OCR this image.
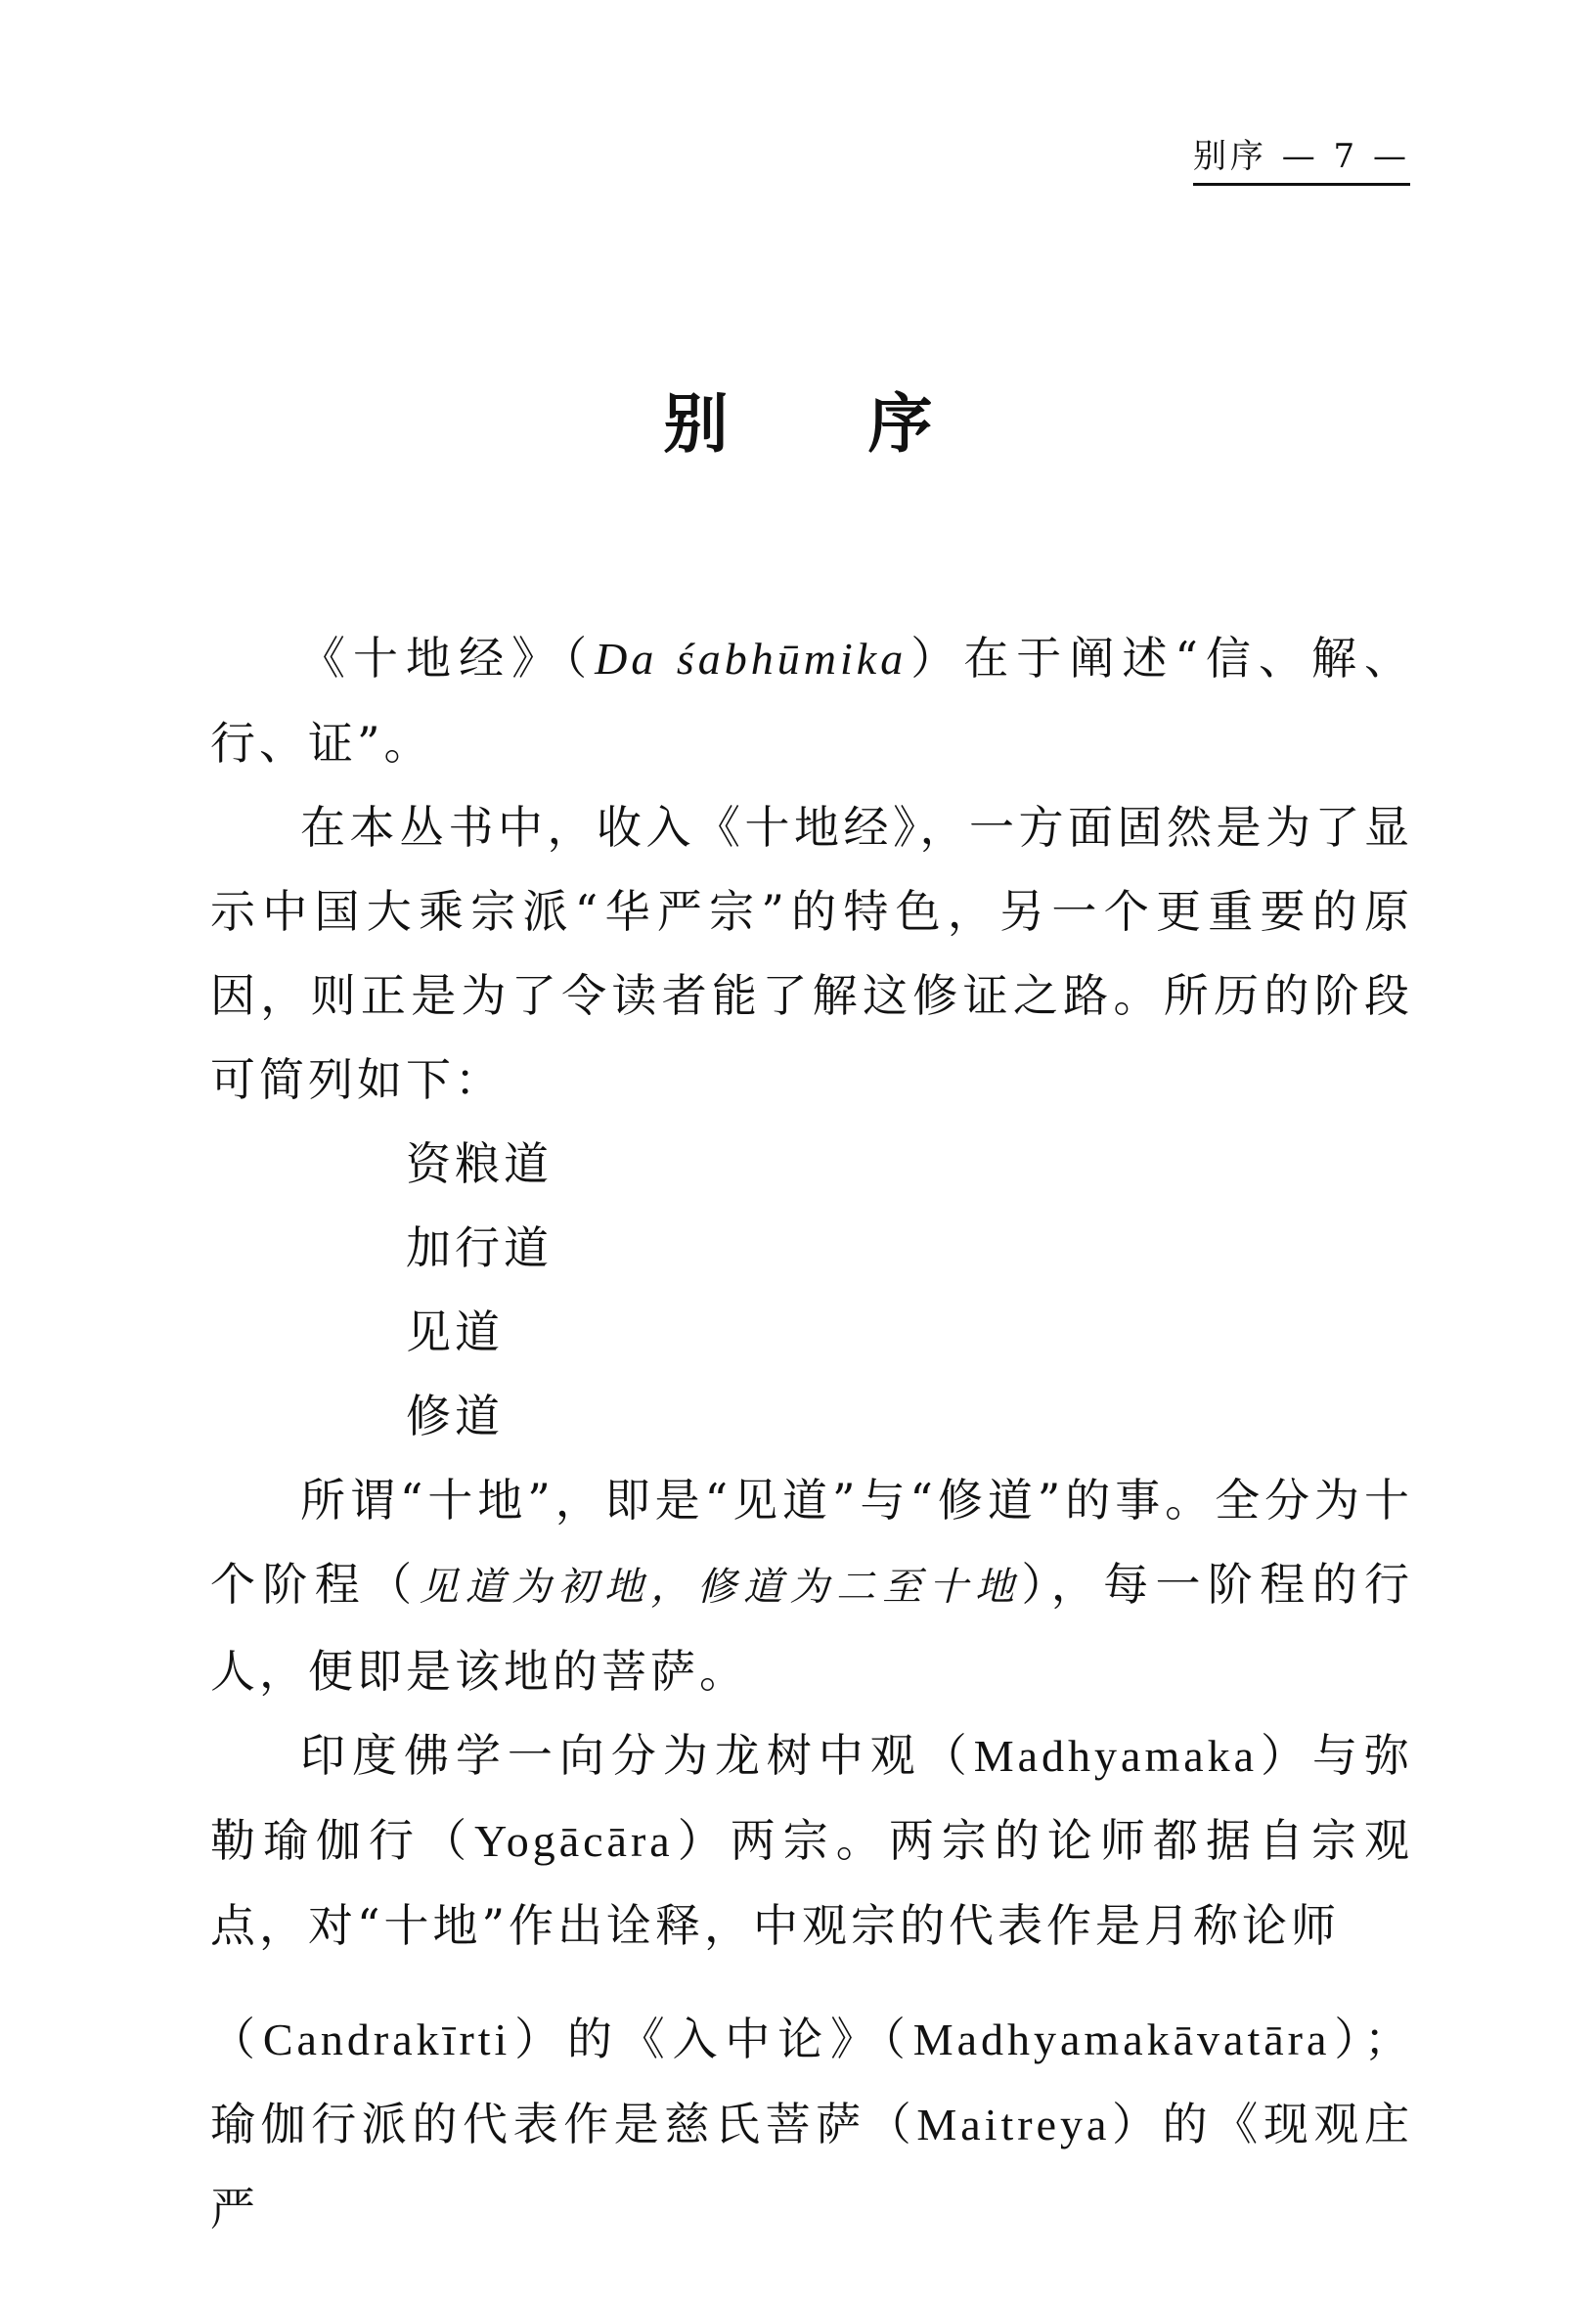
别序 — 7 —
别 序

《十地经》（Da śabhūmika）在于阐述“信、解、行、证”。

在本丛书中，收入《十地经》，一方面固然是为了显示中国大乘宗派“华严宗”的特色，另一个更重要的原因，则正是为了令读者能了解这修证之路。所历的阶段可简列如下：

资粮道
加行道
见道
修道

所谓“十地”，即是“见道”与“修道”的事。全分为十个阶程（见道为初地，修道为二至十地），每一阶程的行人，便即是该地的菩萨。

印度佛学一向分为龙树中观（Madhyamaka）与弥勒瑜伽行（Yogācāra）两宗。两宗的论师都据自宗观点，对“十地”作出诠释，中观宗的代表作是月称论师

（Candrakīrti）的《入中论》（Madhyamakāvatāra）；瑜伽行派的代表作是慈氏菩萨（Maitreya）的《现观庄严
